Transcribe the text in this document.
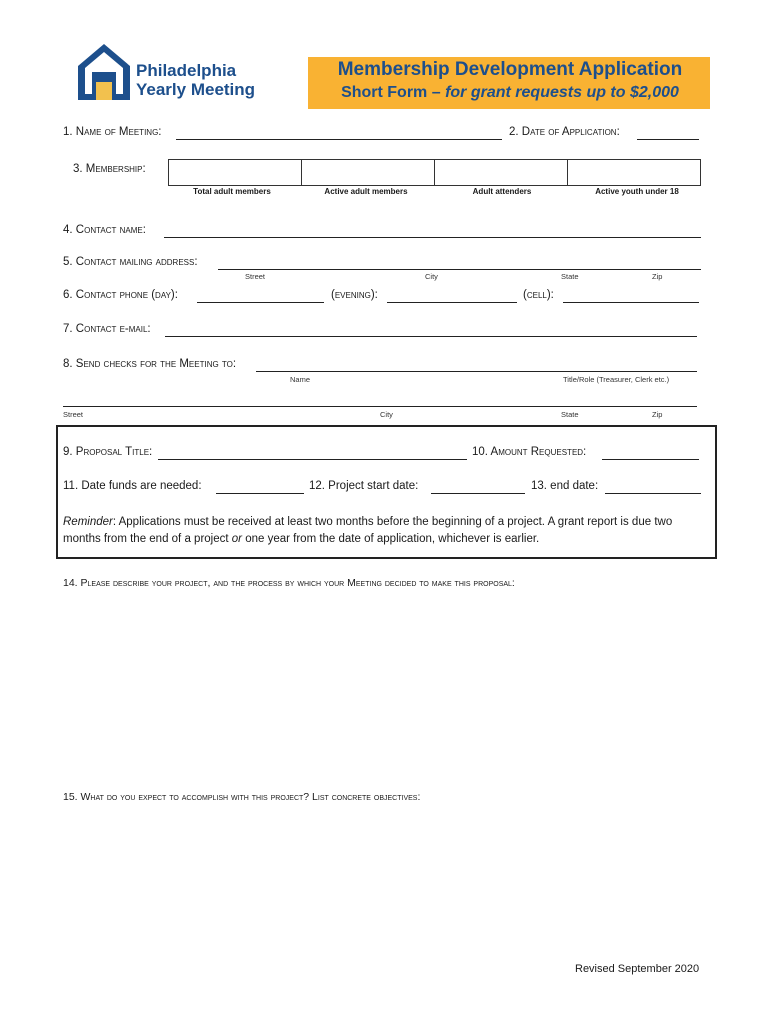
Philadelphia
Yearly Meeting
Membership Development Application
Short Form – for grant requests up to $2,000
1. Name of Meeting:	2. Date of Application:
3. Membership:

Total adult members	Active adult members	Adult attenders	Active youth under 18
4. Contact name:
5. Contact mailing address:
Street	City	State	Zip
6. Contact phone (day):	(evening):	(cell):
7. Contact e-mail:
8. Send checks for the Meeting to:
Name	Title/Role (Treasurer, Clerk etc.)
Street	City	State	Zip
9. Proposal Title:	10. Amount Requested:
11. Date funds are needed:	12. Project start date:	13. end date:
Reminder: Applications must be received at least two months before the beginning of a project. A grant report is due two months from the end of a project or one year from the date of application, whichever is earlier.
14. Please describe your project, and the process by which your Meeting decided to make this proposal:
15. What do you expect to accomplish with this project? List concrete objectives:
Revised September 2020
